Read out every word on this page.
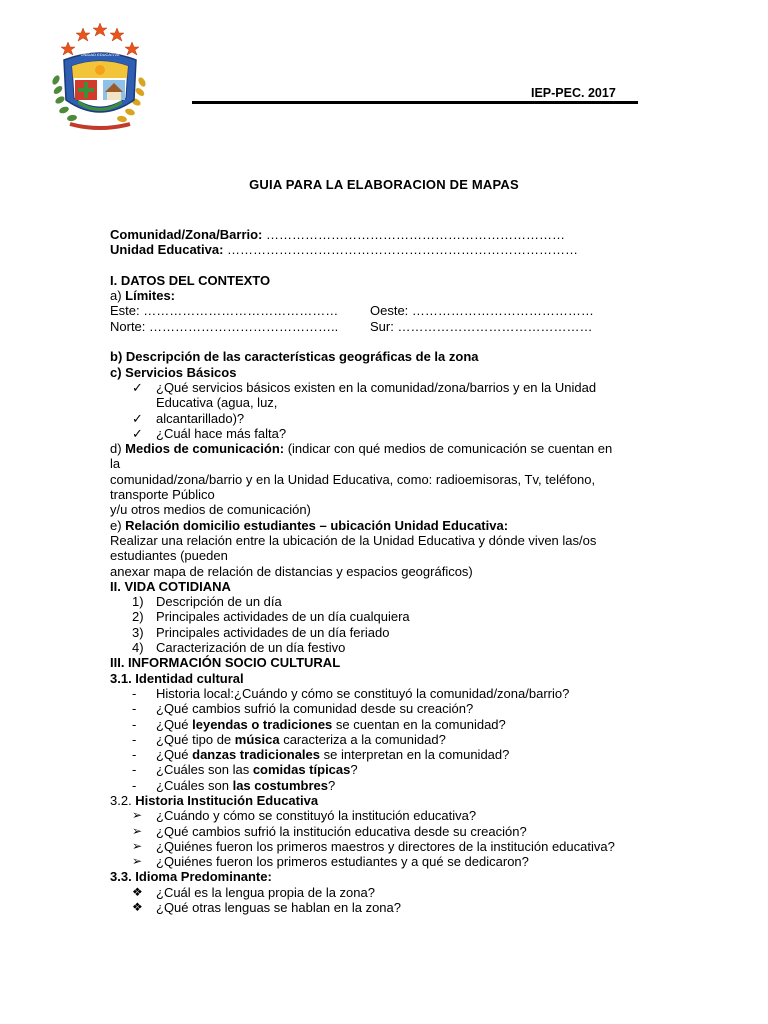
UNIDAD EDUCATIVA
IEP-PEC. 2017
GUIA PARA LA ELABORACION DE MAPAS
Comunidad/Zona/Barrio: ……………………………………………………………
Unidad Educativa: ………………………………………………………………………
I. DATOS DEL CONTEXTO
a) Límites:
Este: ………………………………………	Oeste: ……………………………………
Norte: ……………………………………..	Sur: ………………………………………
b) Descripción de las características geográficas de la zona
c) Servicios Básicos
✓ ¿Qué servicios básicos existen en la comunidad/zona/barrios y en la Unidad
Educativa (agua, luz,
✓ alcantarillado)?
✓ ¿Cuál hace más falta?
d) Medios de comunicación: (indicar con qué medios de comunicación se cuentan en
la
comunidad/zona/barrio y en la Unidad Educativa, como: radioemisoras, Tv, teléfono,
transporte Público
y/u otros medios de comunicación)
e) Relación domicilio estudiantes – ubicación Unidad Educativa:
Realizar una relación entre la ubicación de la Unidad Educativa y dónde viven las/os
estudiantes (pueden
anexar mapa de relación de distancias y espacios geográficos)
II. VIDA COTIDIANA
1) Descripción de un día
2) Principales actividades de un día cualquiera
3) Principales actividades de un día feriado
4) Caracterización de un día festivo
III. INFORMACIÓN SOCIO CULTURAL
3.1. Identidad cultural
- Historia local:¿Cuándo y cómo se constituyó la comunidad/zona/barrio?
- ¿Qué cambios sufrió la comunidad desde su creación?
- ¿Qué leyendas o tradiciones se cuentan en la comunidad?
- ¿Qué tipo de música caracteriza a la comunidad?
- ¿Qué danzas tradicionales se interpretan en la comunidad?
- ¿Cuáles son las comidas típicas?
- ¿Cuáles son las costumbres?
3.2. Historia Institución Educativa
➢ ¿Cuándo y cómo se constituyó la institución educativa?
➢ ¿Qué cambios sufrió la institución educativa desde su creación?
➢ ¿Quiénes fueron los primeros maestros y directores de la institución educativa?
➢ ¿Quiénes fueron los primeros estudiantes y a qué se dedicaron?
3.3. Idioma Predominante:
❖ ¿Cuál es la lengua propia de la zona?
❖ ¿Qué otras lenguas se hablan en la zona?
